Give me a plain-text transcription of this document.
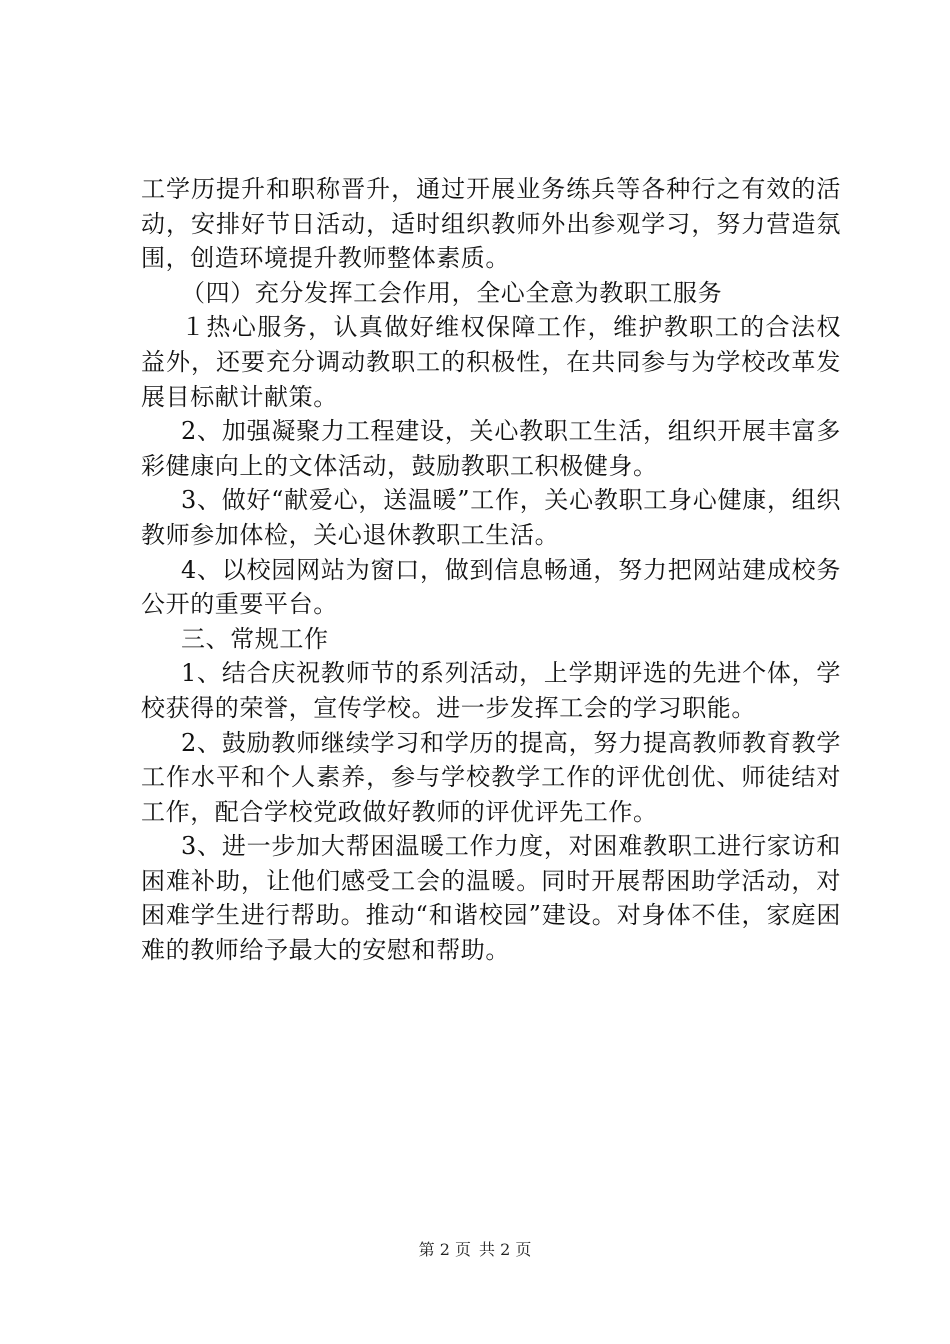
工学历提升和职称晋升，通过开展业务练兵等各种行之有效的活动，安排好节日活动，适时组织教师外出参观学习，努力营造氛围，创造环境提升教师整体素质。

（四）充分发挥工会作用，全心全意为教职工服务

１热心服务，认真做好维权保障工作，维护教职工的合法权益外，还要充分调动教职工的积极性，在共同参与为学校改革发展目标献计献策。

2、加强凝聚力工程建设，关心教职工生活，组织开展丰富多彩健康向上的文体活动，鼓励教职工积极健身。

3、做好“献爱心，送温暖”工作，关心教职工身心健康，组织教师参加体检，关心退休教职工生活。

4、以校园网站为窗口，做到信息畅通，努力把网站建成校务公开的重要平台。

三、常规工作

1、结合庆祝教师节的系列活动，上学期评选的先进个体，学校获得的荣誉，宣传学校。进一步发挥工会的学习职能。

2、鼓励教师继续学习和学历的提高，努力提高教师教育教学工作水平和个人素养，参与学校教学工作的评优创优、师徒结对工作，配合学校党政做好教师的评优评先工作。

3、进一步加大帮困温暖工作力度，对困难教职工进行家访和困难补助，让他们感受工会的温暖。同时开展帮困助学活动，对困难学生进行帮助。推动“和谐校园”建设。对身体不佳，家庭困难的教师给予最大的安慰和帮助。

第 2 页 共 2 页
